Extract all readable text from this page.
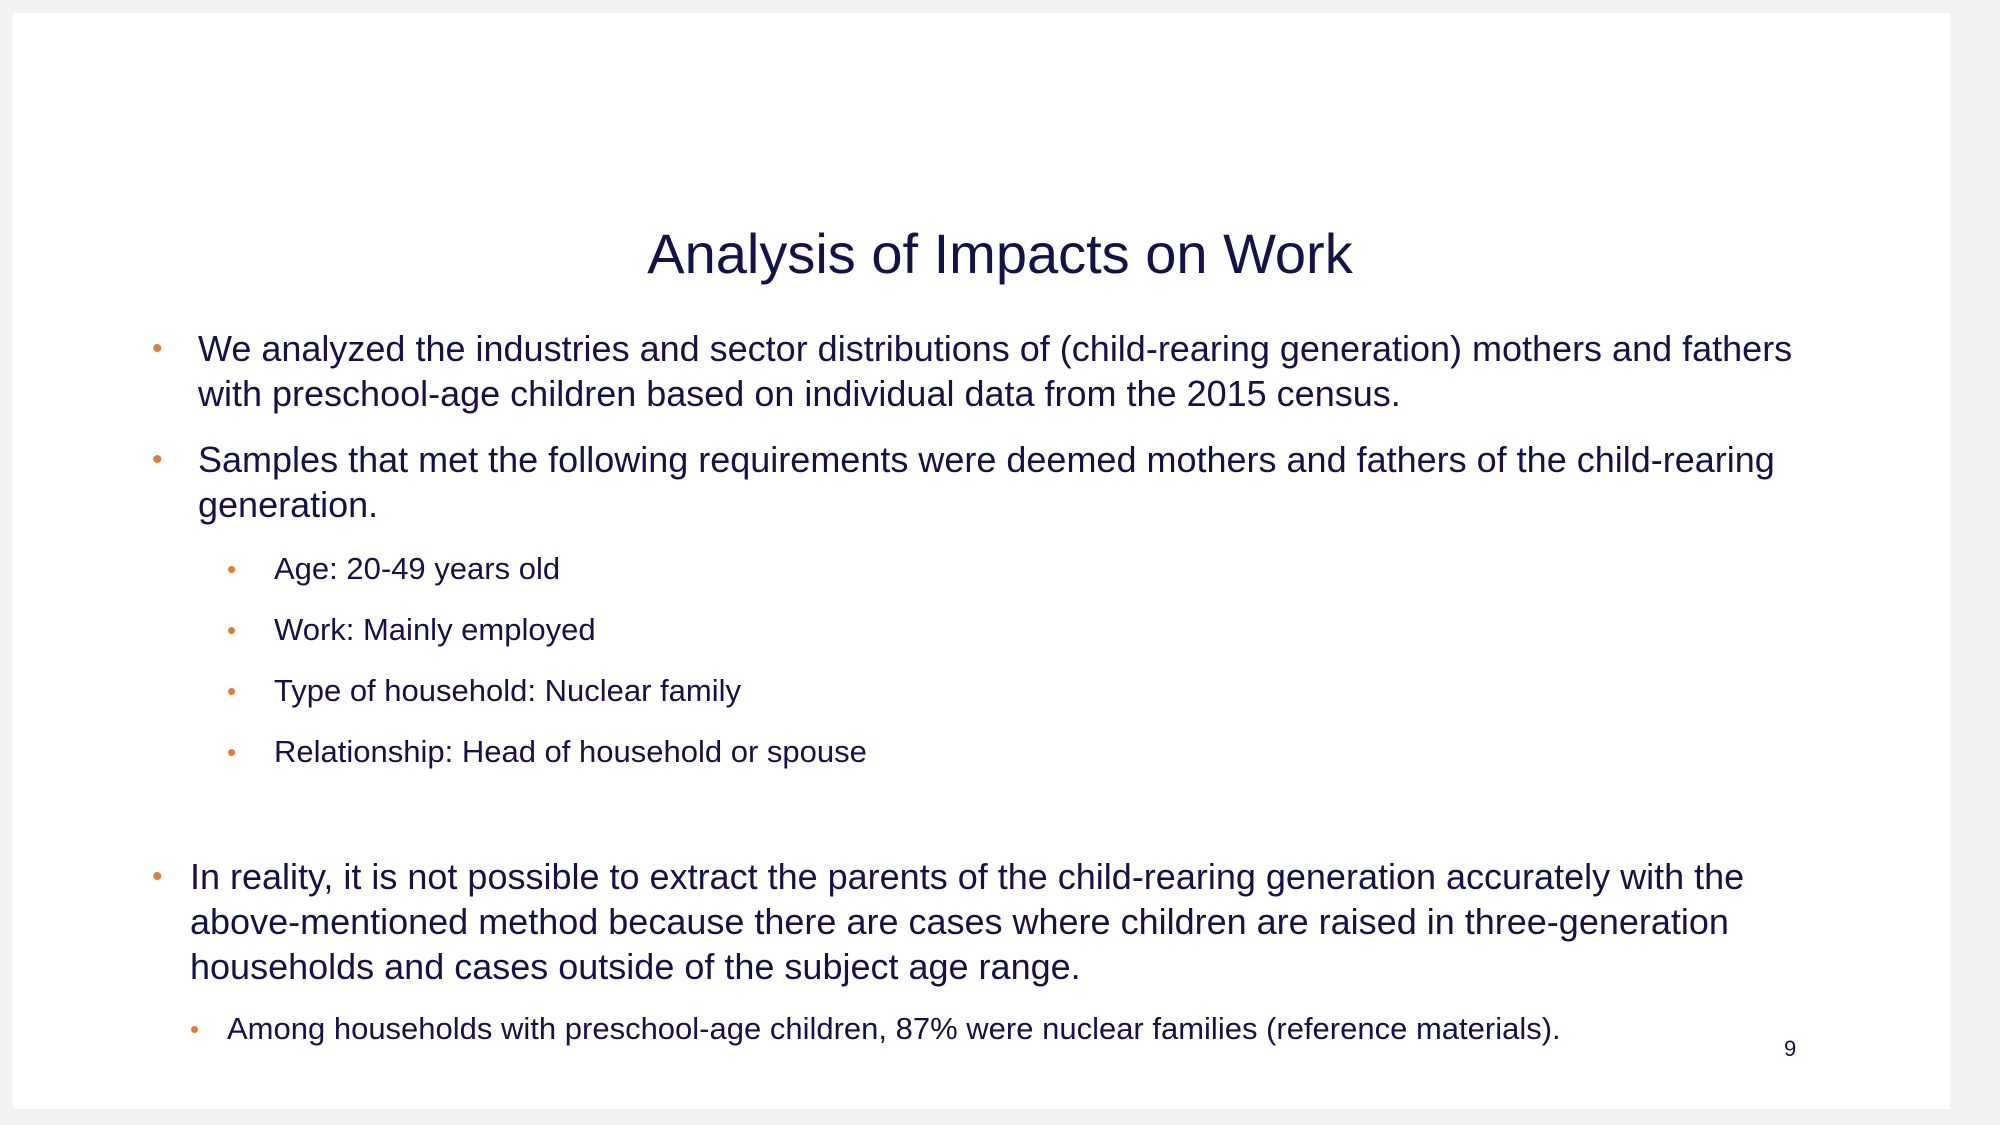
Analysis of Impacts on Work
• We analyzed the industries and sector distributions of (child-rearing generation) mothers and fathers with preschool-age children based on individual data from the 2015 census.
• Samples that met the following requirements were deemed mothers and fathers of the child-rearing generation.
• Age: 20-49 years old
• Work: Mainly employed
• Type of household: Nuclear family
• Relationship: Head of household or spouse
• In reality, it is not possible to extract the parents of the child-rearing generation accurately with the above-mentioned method because there are cases where children are raised in three-generation households and cases outside of the subject age range.
• Among households with preschool-age children, 87% were nuclear families (reference materials).
9
